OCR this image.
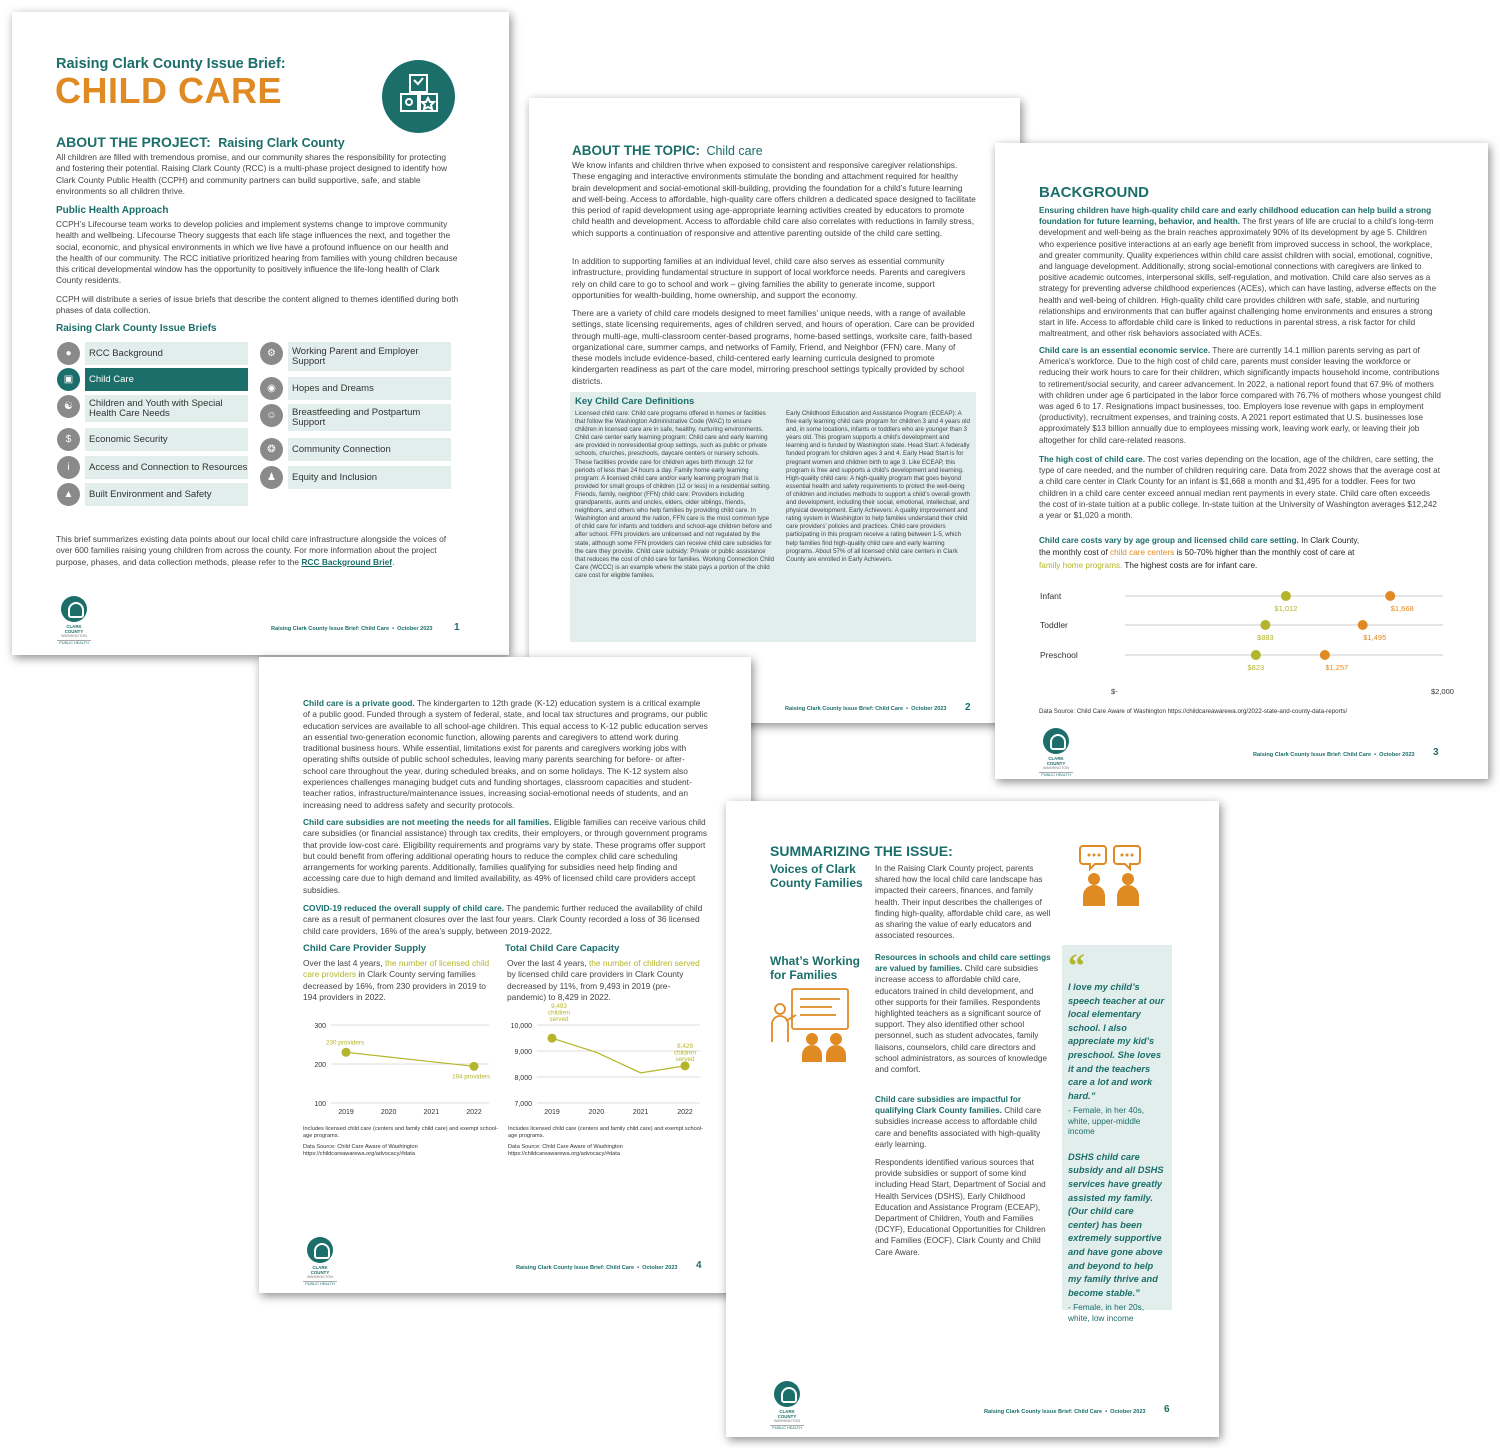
Raising Clark County Issue Brief:
CHILD CARE
ABOUT THE PROJECT: Raising Clark County
All children are filled with tremendous promise, and our community shares the responsibility for protecting and fostering their potential. Raising Clark County (RCC) is a multi-phase project designed to identify how Clark County Public Health (CCPH) and community partners can build supportive, safe, and stable environments so all children thrive.
Public Health Approach
CCPH’s Lifecourse team works to develop policies and implement systems change to improve community health and wellbeing. Lifecourse Theory suggests that each life stage influences the next, and together the social, economic, and physical environments in which we live have a profound influence on our health and the health of our community. The RCC initiative prioritized hearing from families with young children because this critical developmental window has the opportunity to positively influence the life-long health of Clark County residents.
CCPH will distribute a series of issue briefs that describe the content aligned to themes identified during both phases of data collection.
Raising Clark County Issue Briefs
●	RCC Background
▣	Child Care
☯	Children and Youth with Special Health Care Needs
$	Economic Security
i	Access and Connection to Resources
▲	Built Environment and Safety
⚙	Working Parent and Employer Support
◉	Hopes and Dreams
☺	Breastfeeding and Postpartum Support
❂	Community Connection
♟	Equity and Inclusion
This brief summarizes existing data points about our local child care infrastructure alongside the voices of over 600 families raising young children from across the county. For more information about the project purpose, phases, and data collection methods, please refer to the RCC Background Brief.
CLARK COUNTY
WASHINGTON
PUBLIC HEALTH
Raising Clark County Issue Brief: Child Care • October 2023 1
ABOUT THE TOPIC: Child care
We know infants and children thrive when exposed to consistent and responsive caregiver relationships. These engaging and interactive environments stimulate the bonding and attachment required for healthy brain development and social-emotional skill-building, providing the foundation for a child’s future learning and well-being. Access to affordable, high-quality care offers children a dedicated space designed to facilitate this period of rapid development using age-appropriate learning activities created by educators to promote child health and development. Access to affordable child care also correlates with reductions in family stress, which supports a continuation of responsive and attentive parenting outside of the child care setting.
In addition to supporting families at an individual level, child care also serves as essential community infrastructure, providing fundamental structure in support of local workforce needs. Parents and caregivers rely on child care to go to school and work – giving families the ability to generate income, support opportunities for wealth-building, home ownership, and support the economy.
There are a variety of child care models designed to meet families’ unique needs, with a range of available settings, state licensing requirements, ages of children served, and hours of operation. Care can be provided through multi-age, multi-classroom center-based programs, home-based settings, worksite care, faith-based organizational care, summer camps, and networks of Family, Friend, and Neighbor (FFN) care. Many of these models include evidence-based, child-centered early learning curricula designed to promote kindergarten readiness as part of the care model, mirroring preschool settings typically provided by school districts.
Key Child Care Definitions
Licensed child care: Child care programs offered in homes or facilities that follow the Washington Administrative Code (WAC) to ensure children in licensed care are in safe, healthy, nurturing environments. Child care center early learning program: Child care and early learning are provided in nonresidential group settings, such as public or private schools, churches, preschools, daycare centers or nursery schools. These facilities provide care for children ages birth through 12 for periods of less than 24 hours a day. Family home early learning program: A licensed child care and/or early learning program that is provided for small groups of children (12 or less) in a residential setting. Friends, family, neighbor (FFN) child care: Providers including grandparents, aunts and uncles, elders, older siblings, friends, neighbors, and others who help families by providing child care. In Washington and around the nation, FFN care is the most common type of child care for infants and toddlers and school-age children before and after school. FFN providers are unlicensed and not regulated by the state, although some FFN providers can receive child care subsidies for the care they provide. Child care subsidy: Private or public assistance that reduces the cost of child care for families. Working Connection Child Care (WCCC) is an example where the state pays a portion of the child care cost for eligible families.
Early Childhood Education and Assistance Program (ECEAP): A free early learning child care program for children 3 and 4 years old and, in some locations, infants or toddlers who are younger than 3 years old. This program supports a child’s development and learning and is funded by Washington state. Head Start: A federally funded program for children ages 3 and 4. Early Head Start is for pregnant women and children birth to age 3. Like ECEAP, this program is free and supports a child’s development and learning. High-quality child care: A high-quality program that goes beyond essential health and safety requirements to protect the well-being of children and includes methods to support a child’s overall growth and development, including their social, emotional, intellectual, and physical development. Early Achievers: A quality improvement and rating system in Washington to help families understand their child care providers’ policies and practices. Child care providers participating in this program receive a rating between 1-5, which help families find high-quality child care and early learning programs. About 57% of all licensed child care centers in Clark County are enrolled in Early Achievers.
Raising Clark County Issue Brief: Child Care • October 2023 2
BACKGROUND
Ensuring children have high-quality child care and early childhood education can help build a strong foundation for future learning, behavior, and health. The first years of life are crucial to a child’s long-term development and well-being as the brain reaches approximately 90% of its development by age 5. Children who experience positive interactions at an early age benefit from improved success in school, the workplace, and greater community. Quality experiences within child care assist children with social, emotional, cognitive, and language development. Additionally, strong social-emotional connections with caregivers are linked to positive academic outcomes, interpersonal skills, self-regulation, and motivation. Child care also serves as a strategy for preventing adverse childhood experiences (ACEs), which can have lasting, adverse effects on the health and well-being of children. High-quality child care provides children with safe, stable, and nurturing relationships and environments that can buffer against challenging home environments and ensures a strong start in life. Access to affordable child care is linked to reductions in parental stress, a risk factor for child maltreatment, and other risk behaviors associated with ACEs.
Child care is an essential economic service. There are currently 14.1 million parents serving as part of America’s workforce. Due to the high cost of child care, parents must consider leaving the workforce or reducing their work hours to care for their children, which significantly impacts household income, contributions to retirement/social security, and career advancement. In 2022, a national report found that 67.9% of mothers with children under age 6 participated in the labor force compared with 76.7% of mothers whose youngest child was aged 6 to 17. Resignations impact businesses, too. Employers lose revenue with gaps in employment (productivity), recruitment expenses, and training costs. A 2021 report estimated that U.S. businesses lose approximately $13 billion annually due to employees missing work, leaving work early, or leaving their job altogether for child care-related reasons.
The high cost of child care. The cost varies depending on the location, age of the children, care setting, the type of care needed, and the number of children requiring care. Data from 2022 shows that the average cost at a child care center in Clark County for an infant is $1,668 a month and $1,495 for a toddler. Fees for two children in a child care center exceed annual median rent payments in every state. Child care often exceeds the cost of in-state tuition at a public college. In-state tuition at the University of Washington averages $12,242 a year or $1,020 a month.
Child care costs vary by age group and licensed child care setting. In Clark County, the monthly cost of child care centers is 50-70% higher than the monthly cost of care at family home programs. The highest costs are for infant care.
Infant
$1,012	$1,668
Toddler
$883	$1,495
Preschool
$823	$1,257
$-	$2,000
Data Source: Child Care Aware of Washington https://childcareawarewa.org/2022-state-and-county-data-reports/
CLARK COUNTY
WASHINGTON
PUBLIC HEALTH
Raising Clark County Issue Brief: Child Care • October 2023 3
Child care is a private good. The kindergarten to 12th grade (K-12) education system is a critical example of a public good. Funded through a system of federal, state, and local tax structures and programs, our public education services are available to all school-age children. This equal access to K-12 public education serves an essential two-generation economic function, allowing parents and caregivers to attend work during traditional business hours. While essential, limitations exist for parents and caregivers working jobs with operating shifts outside of public school schedules, leaving many parents searching for before- or after-school care throughout the year, during scheduled breaks, and on some holidays. The K-12 system also experiences challenges managing budget cuts and funding shortages, classroom capacities and student-teacher ratios, infrastructure/maintenance issues, increasing social-emotional needs of students, and an increasing need to address safety and security protocols.
Child care subsidies are not meeting the needs for all families. Eligible families can receive various child care subsidies (or financial assistance) through tax credits, their employers, or through government programs that provide low-cost care. Eligibility requirements and programs vary by state. These programs offer support but could benefit from offering additional operating hours to reduce the complex child care scheduling arrangements for working parents. Additionally, families qualifying for subsidies need help finding and accessing care due to high demand and limited availability, as 49% of licensed child care providers accept subsidies.
COVID-19 reduced the overall supply of child care. The pandemic further reduced the availability of child care as a result of permanent closures over the last four years. Clark County recorded a loss of 36 licensed child care providers, 16% of the area’s supply, between 2019-2022.
Child Care Provider Supply
Over the last 4 years, the number of licensed child care providers in Clark County serving families decreased by 16%, from 230 providers in 2019 to 194 providers in 2022.
Total Child Care Capacity
Over the last 4 years, the number of children served by licensed child care providers in Clark County decreased by 11%, from 9,493 in 2019 (pre-pandemic) to 8,429 in 2022.
300
200
100
2019	2020	2021	2022
230 providers
194 providers
10,000
9,000
8,000
7,000
2019	2020	2021	2022
9,493
children
served
8,429
children
served
Includes licensed child care (centers and family child care) and exempt school-age programs.
Data Source: Child Care Aware of Washington
https://childcareawarewa.org/advocacy/#data
Includes licensed child care (centers and family child care) and exempt school-age programs.
Data Source: Child Care Aware of Washington
https://childcareawarewa.org/advocacy/#data
CLARK COUNTY
WASHINGTON
PUBLIC HEALTH
Raising Clark County Issue Brief: Child Care • October 2023 4
SUMMARIZING THE ISSUE:
Voices of Clark County Families
In the Raising Clark County project, parents shared how the local child care landscape has impacted their careers, finances, and family health. Their input describes the challenges of finding high-quality, affordable child care, as well as sharing the value of early educators and associated resources.
What’s Working for Families
Resources in schools and child care settings are valued by families. Child care subsidies increase access to affordable child care, educators trained in child development, and other supports for their families. Respondents highlighted teachers as a significant source of support. They also identified other school personnel, such as student advocates, family liaisons, counselors, child care directors and school administrators, as sources of knowledge and comfort.
Child care subsidies are impactful for qualifying Clark County families. Child care subsidies increase access to affordable child care and benefits associated with high-quality early learning.
Respondents identified various sources that provide subsidies or support of some kind including Head Start, Department of Social and Health Services (DSHS), Early Childhood Education and Assistance Program (ECEAP), Department of Children, Youth and Families (DCYF), Educational Opportunities for Children and Families (EOCF), Clark County and Child Care Aware.
“
I love my child’s speech teacher at our local elementary school. I also appreciate my kid’s preschool. She loves it and the teachers care a lot and work hard.”
- Female, in her 40s, white, upper-middle income
DSHS child care subsidy and all DSHS services have greatly assisted my family. (Our child care center) has been extremely supportive and have gone above and beyond to help my family thrive and become stable.”
- Female, in her 20s, white, low income
CLARK COUNTY
WASHINGTON
PUBLIC HEALTH
Raising Clark County Issue Brief: Child Care • October 2023 6
